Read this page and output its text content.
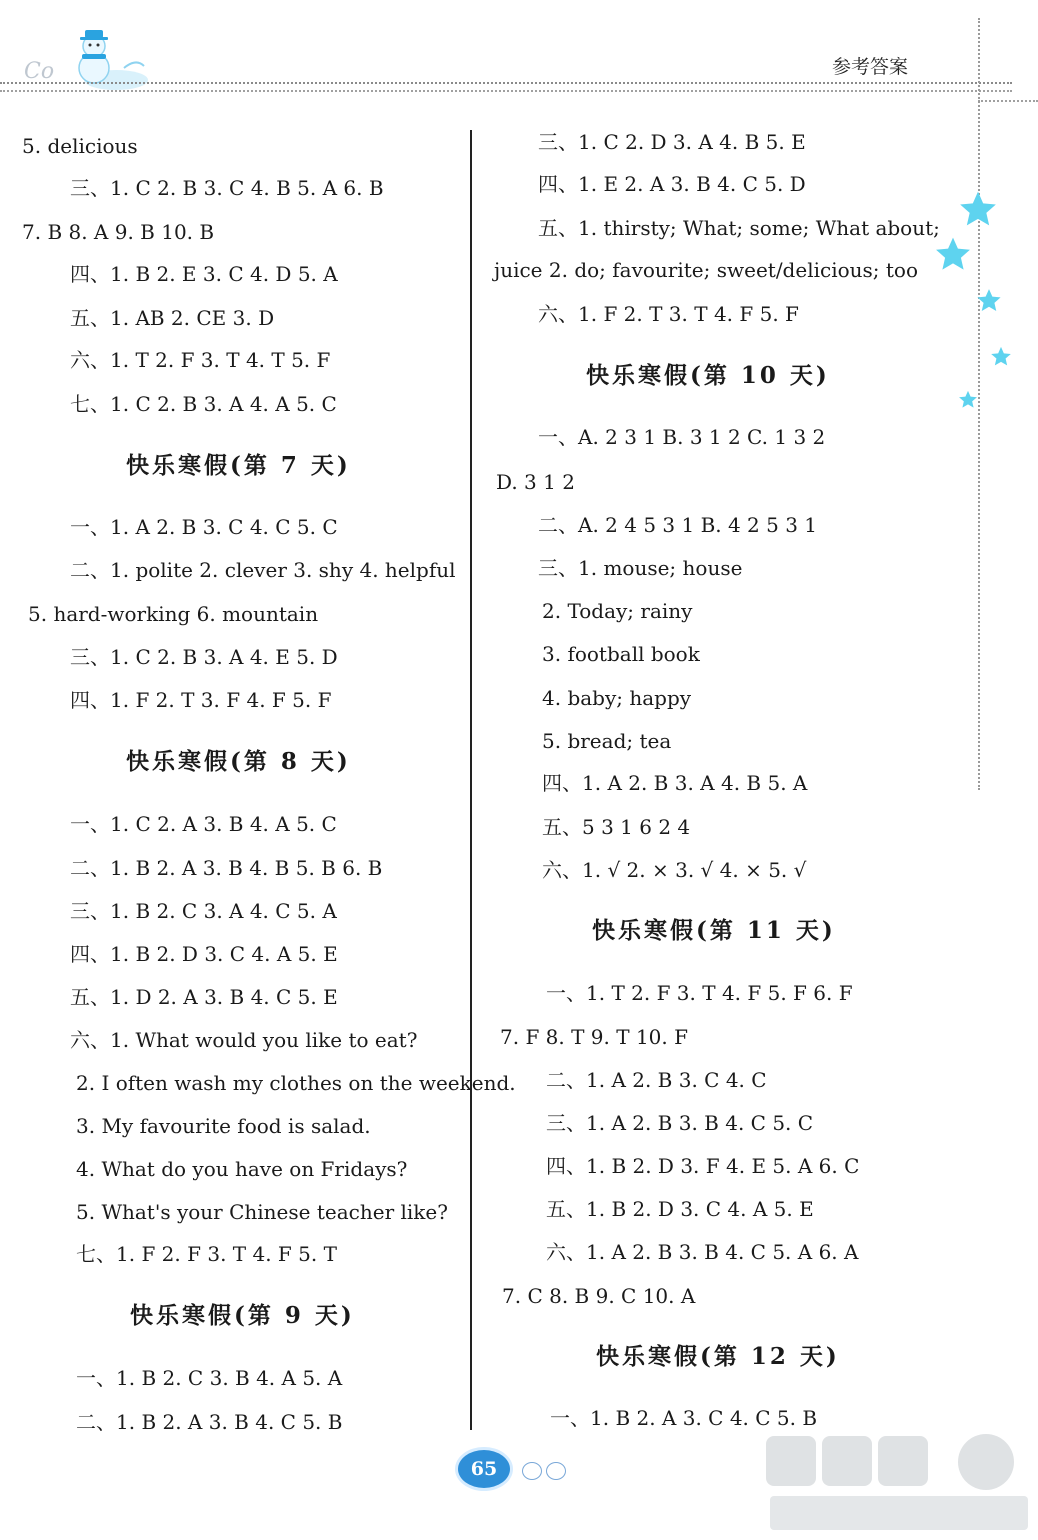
Co	参考答案
5. delicious
三、1. C 2. B 3. C 4. B 5. A 6. B
7. B 8. A 9. B 10. B
四、1. B 2. E 3. C 4. D 5. A
五、1. AB 2. CE 3. D
六、1. T 2. F 3. T 4. T 5. F
七、1. C 2. B 3. A 4. A 5. C
快乐寒假(第 7 天)
一、1. A 2. B 3. C 4. C 5. C
二、1. polite 2. clever 3. shy 4. helpful
5. hard-working 6. mountain
三、1. C 2. B 3. A 4. E 5. D
四、1. F 2. T 3. F 4. F 5. F
快乐寒假(第 8 天)
一、1. C 2. A 3. B 4. A 5. C
二、1. B 2. A 3. B 4. B 5. B 6. B
三、1. B 2. C 3. A 4. C 5. A
四、1. B 2. D 3. C 4. A 5. E
五、1. D 2. A 3. B 4. C 5. E
六、1. What would you like to eat?
2. I often wash my clothes on the weekend.
3. My favourite food is salad.
4. What do you have on Fridays?
5. What's your Chinese teacher like?
七、1. F 2. F 3. T 4. F 5. T
快乐寒假(第 9 天)
一、1. B 2. C 3. B 4. A 5. A
二、1. B 2. A 3. B 4. C 5. B
三、1. C 2. D 3. A 4. B 5. E
四、1. E 2. A 3. B 4. C 5. D
五、1. thirsty; What; some; What about;
juice 2. do; favourite; sweet/delicious; too
六、1. F 2. T 3. T 4. F 5. F
快乐寒假(第 10 天)
一、A. 2 3 1 B. 3 1 2 C. 1 3 2
D. 3 1 2
二、A. 2 4 5 3 1 B. 4 2 5 3 1
三、1. mouse; house
2. Today; rainy
3. football book
4. baby; happy
5. bread; tea
四、1. A 2. B 3. A 4. B 5. A
五、5 3 1 6 2 4
六、1. √ 2. × 3. √ 4. × 5. √
快乐寒假(第 11 天)
一、1. T 2. F 3. T 4. F 5. F 6. F
7. F 8. T 9. T 10. F
二、1. A 2. B 3. C 4. C
三、1. A 2. B 3. B 4. C 5. C
四、1. B 2. D 3. F 4. E 5. A 6. C
五、1. B 2. D 3. C 4. A 5. E
六、1. A 2. B 3. B 4. C 5. A 6. A
7. C 8. B 9. C 10. A
快乐寒假(第 12 天)
一、1. B 2. A 3. C 4. C 5. B
65
